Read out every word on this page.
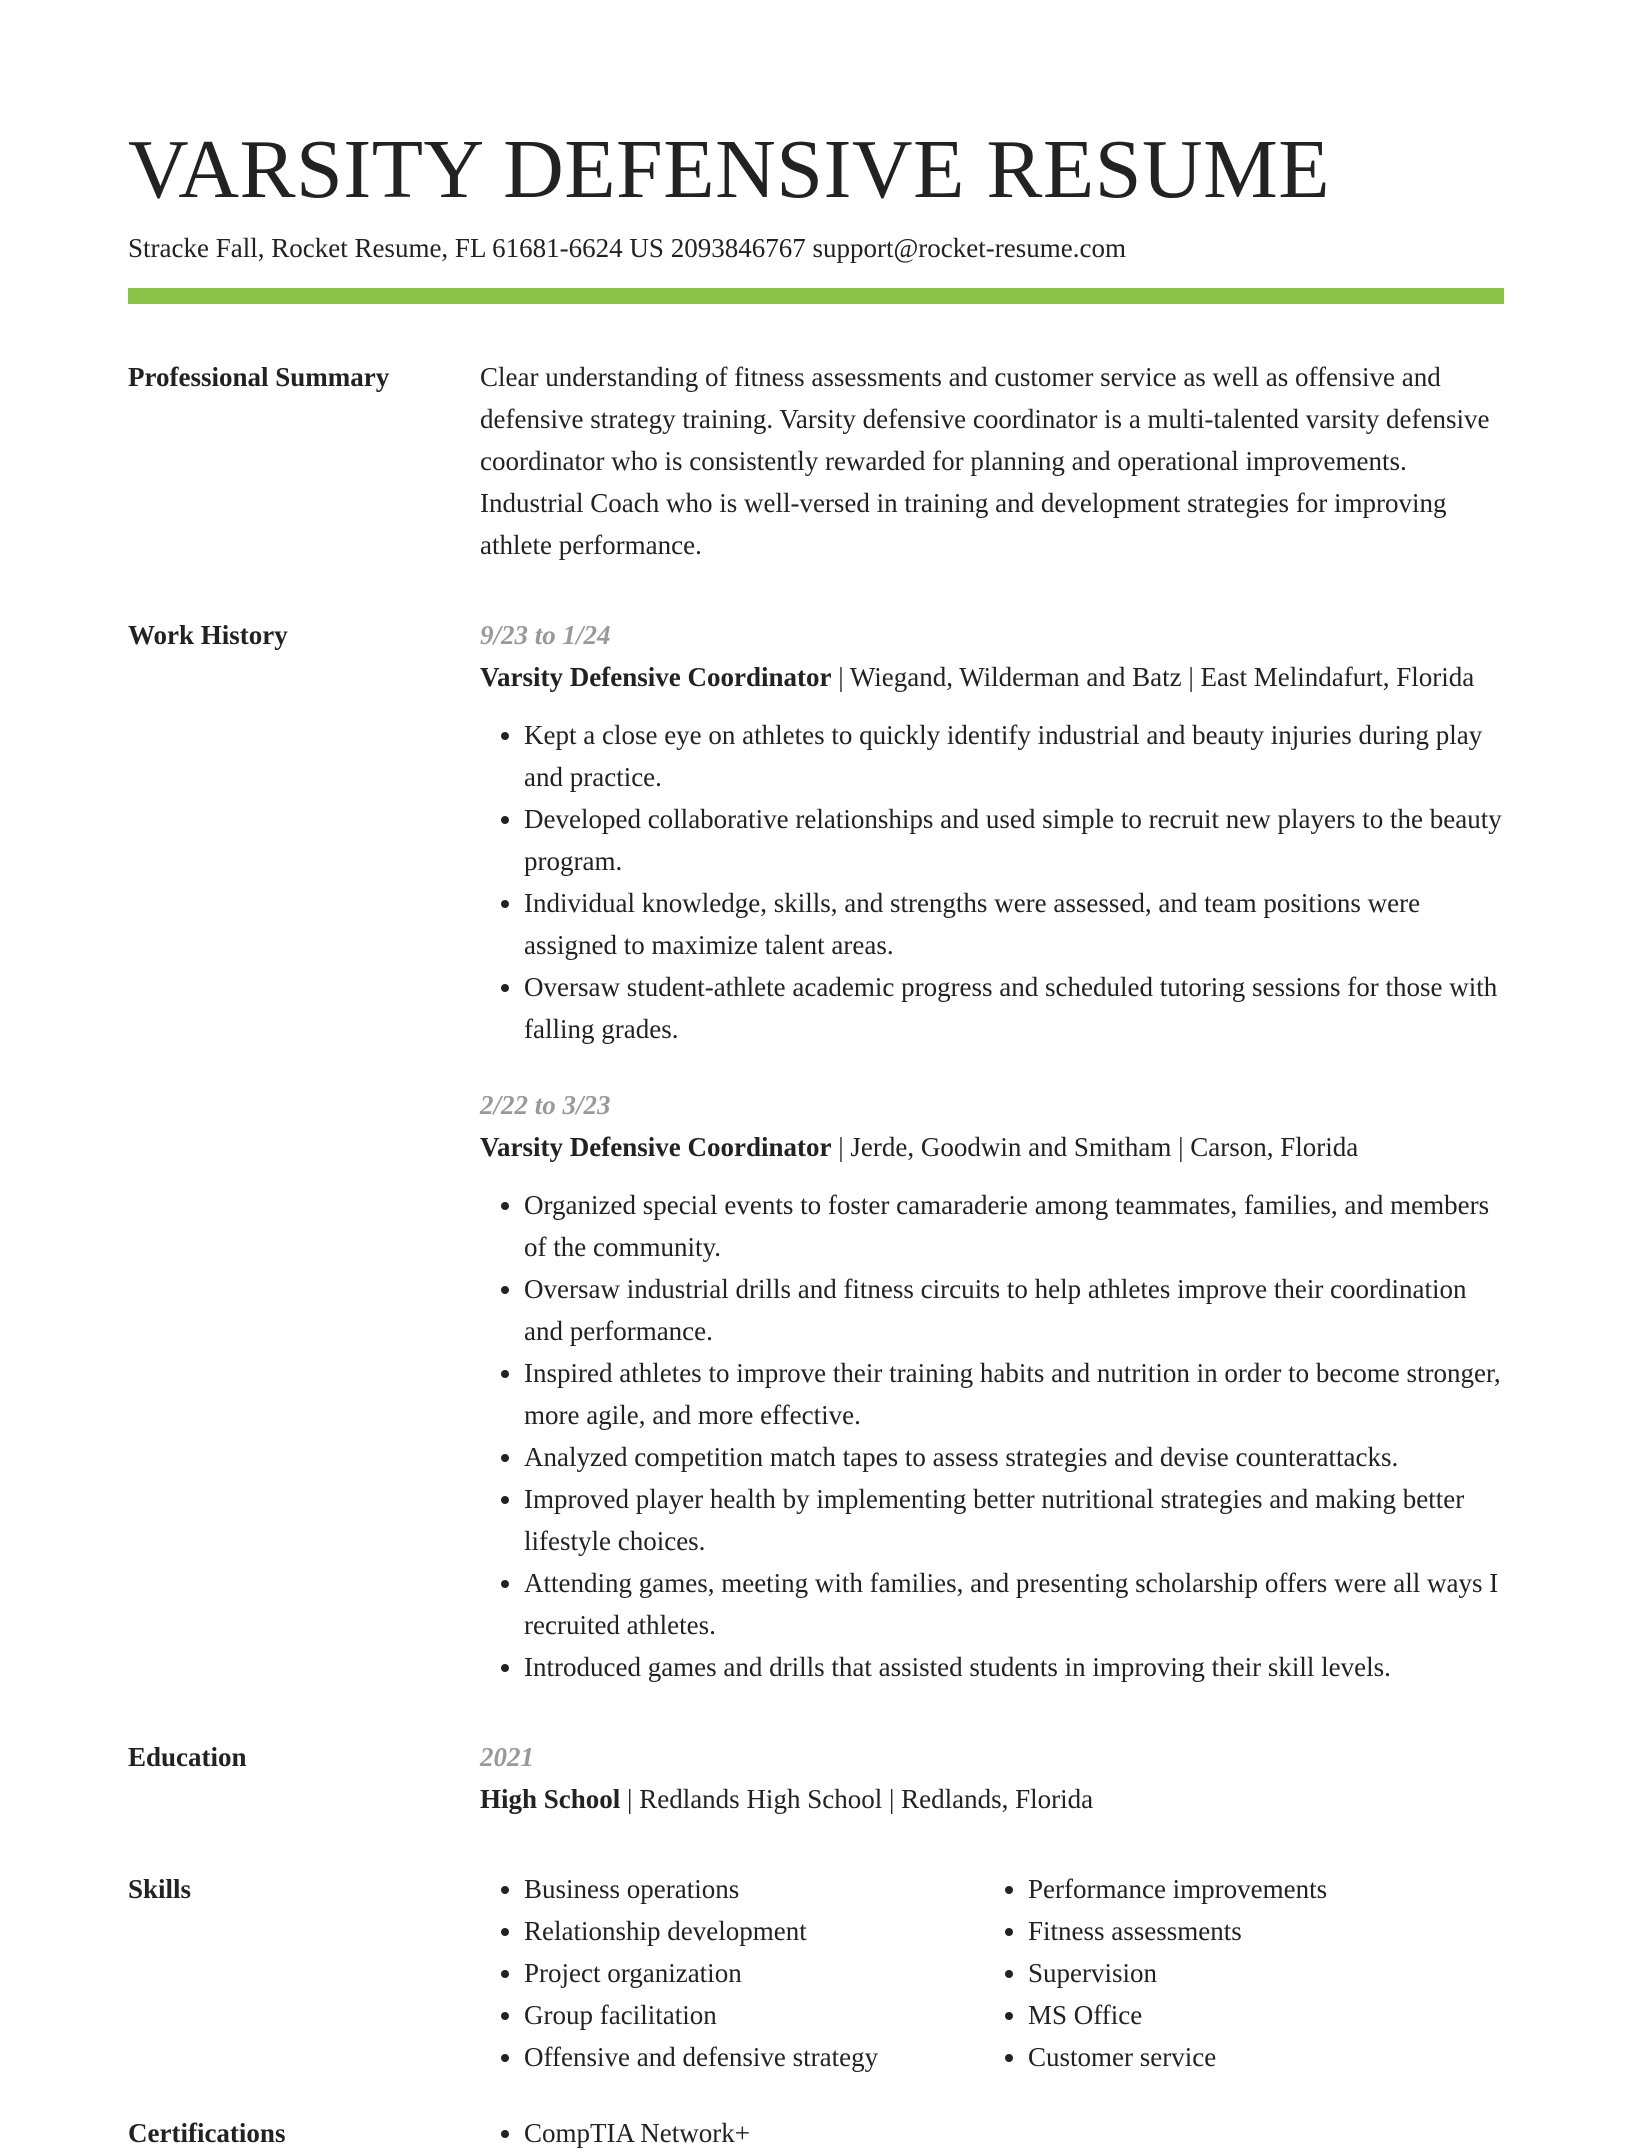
VARSITY DEFENSIVE RESUME
Stracke Fall, Rocket Resume, FL 61681-6624 US 2093846767 support@rocket-resume.com
Professional Summary	Clear understanding of fitness assessments and customer service as well as offensive and defensive strategy training. Varsity defensive coordinator is a multi-talented varsity defensive coordinator who is consistently rewarded for planning and operational improvements. Industrial Coach who is well-versed in training and development strategies for improving athlete performance.

Work History	9/23 to 1/24
Varsity Defensive Coordinator | Wiegand, Wilderman and Batz | East Melindafurt, Florida
• Kept a close eye on athletes to quickly identify industrial and beauty injuries during play and practice.
• Developed collaborative relationships and used simple to recruit new players to the beauty program.
• Individual knowledge, skills, and strengths were assessed, and team positions were assigned to maximize talent areas.
• Oversaw student-athlete academic progress and scheduled tutoring sessions for those with falling grades.
2/22 to 3/23
Varsity Defensive Coordinator | Jerde, Goodwin and Smitham | Carson, Florida
• Organized special events to foster camaraderie among teammates, families, and members of the community.
• Oversaw industrial drills and fitness circuits to help athletes improve their coordination and performance.
• Inspired athletes to improve their training habits and nutrition in order to become stronger, more agile, and more effective.
• Analyzed competition match tapes to assess strategies and devise counterattacks.
• Improved player health by implementing better nutritional strategies and making better lifestyle choices.
• Attending games, meeting with families, and presenting scholarship offers were all ways I recruited athletes.
• Introduced games and drills that assisted students in improving their skill levels.
Education	2021
High School | Redlands High School | Redlands, Florida
Skills	• Business operations
• Relationship development
• Project organization
• Group facilitation
• Offensive and defensive strategy
• Performance improvements
• Fitness assessments
• Supervision
• MS Office
• Customer service
Certifications	• CompTIA Network+
